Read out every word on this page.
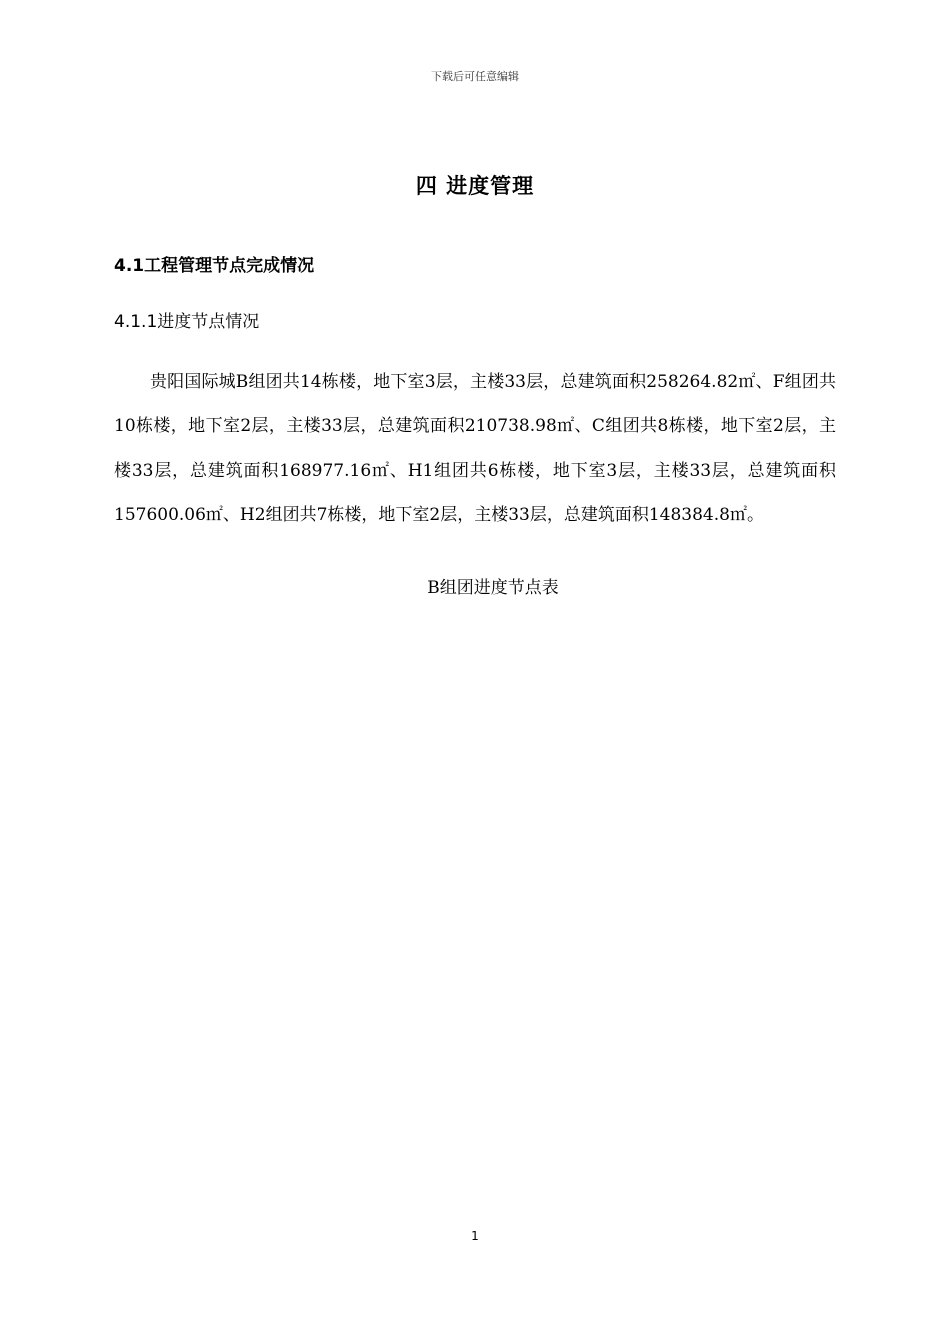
下载后可任意编辑
四 进度管理
4.1工程管理节点完成情况
4.1.1进度节点情况

贵阳国际城B组团共14栋楼，地下室3层，主楼33层，总建筑面积258264.82㎡、F组团共10栋楼，地下室2层，主楼33层，总建筑面积210738.98㎡、C组团共8栋楼，地下室2层，主楼33层，总建筑面积168977.16㎡、H1组团共6栋楼，地下室3层，主楼33层，总建筑面积157600.06㎡、H2组团共7栋楼，地下室2层，主楼33层，总建筑面积148384.8㎡。

B组团进度节点表
1
